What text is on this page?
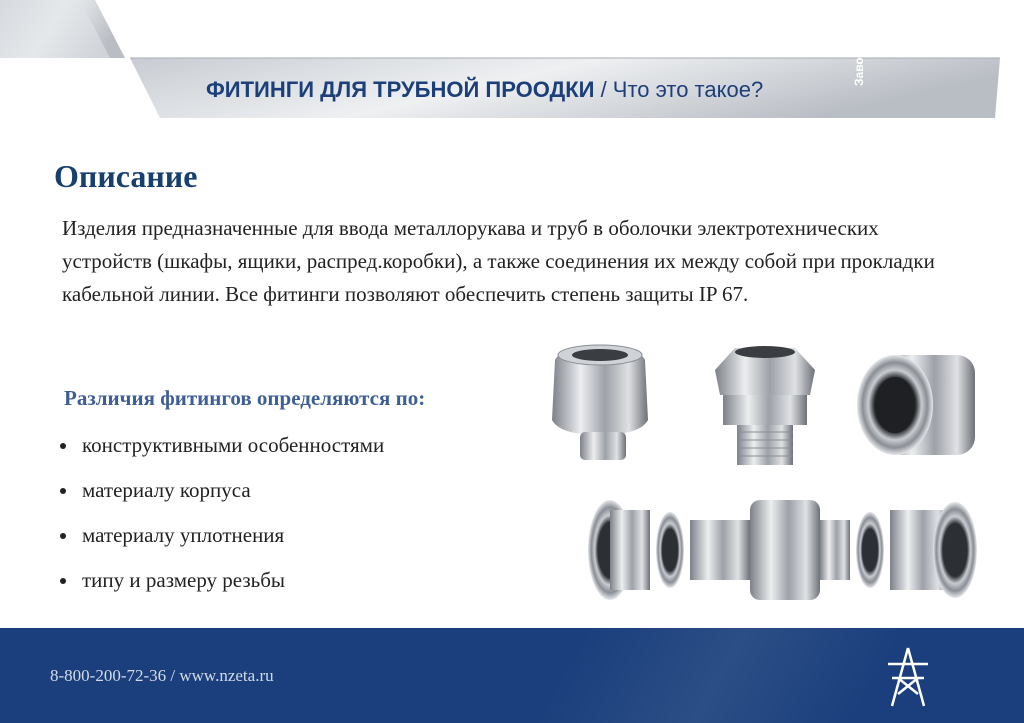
ФИТИНГИ ДЛЯ ТРУБНОЙ ПРООДКИ / Что это такое?
Описание
Изделия предназначенные для ввода металлорукава и труб в оболочки электротехнических устройств (шкафы, ящики, распред.коробки), а также соединения их между собой при прокладки кабельной линии. Все фитинги позволяют обеспечить степень защиты IP 67.
Различия фитингов определяются по:
конструктивными особенностями
материалу корпуса
материалу уплотнения
типу и размеру резьбы
8-800-200-72-36 / www.nzeta.ru
Завод ЗЭТА
